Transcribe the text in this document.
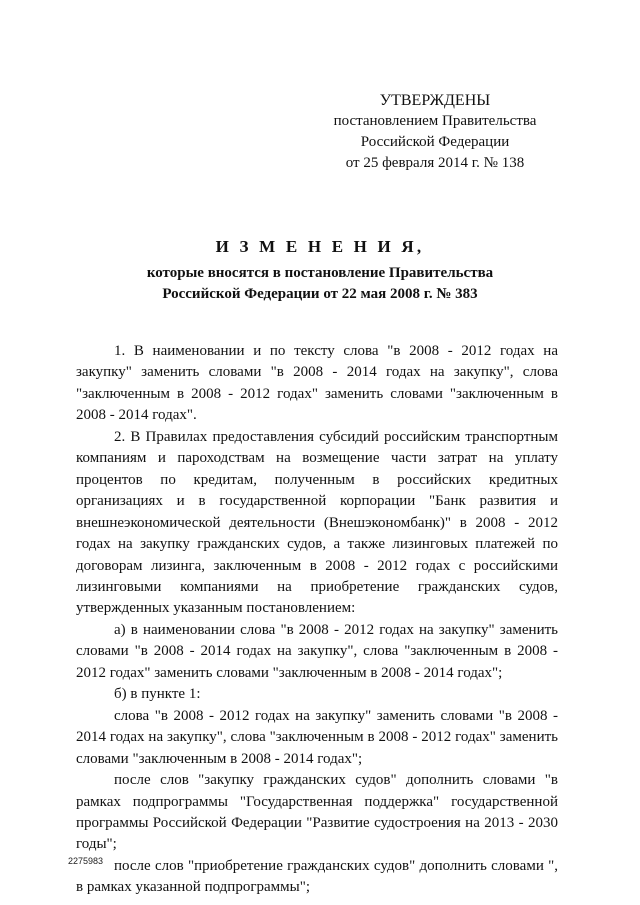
УТВЕРЖДЕНЫ
постановлением Правительства
Российской Федерации
от 25 февраля 2014 г. № 138
И З М Е Н Е Н И Я,
которые вносятся в постановление Правительства
Российской Федерации от 22 мая 2008 г. № 383

1. В наименовании и по тексту слова "в 2008 - 2012 годах на закупку" заменить словами "в 2008 - 2014 годах на закупку", слова "заключенным в 2008 - 2012 годах" заменить словами "заключенным в 2008 - 2014 годах".

2. В Правилах предоставления субсидий российским транспортным компаниям и пароходствам на возмещение части затрат на уплату процентов по кредитам, полученным в российских кредитных организациях и в государственной корпорации "Банк развития и внешнеэкономической деятельности (Внешэкономбанк)" в 2008 - 2012 годах на закупку гражданских судов, а также лизинговых платежей по договорам лизинга, заключенным в 2008 - 2012 годах с российскими лизинговыми компаниями на приобретение гражданских судов, утвержденных указанным постановлением:

а) в наименовании слова "в 2008 - 2012 годах на закупку" заменить словами "в 2008 - 2014 годах на закупку", слова "заключенным в 2008 - 2012 годах" заменить словами "заключенным в 2008 - 2014 годах";

б) в пункте 1:

слова "в 2008 - 2012 годах на закупку" заменить словами "в 2008 - 2014 годах на закупку", слова "заключенным в 2008 - 2012 годах" заменить словами "заключенным в 2008 - 2014 годах";

после слов "закупку гражданских судов" дополнить словами "в рамках подпрограммы "Государственная поддержка" государственной программы Российской Федерации "Развитие судостроения на 2013 - 2030 годы";

после слов "приобретение гражданских судов" дополнить словами ", в рамках указанной подпрограммы";

2275983
